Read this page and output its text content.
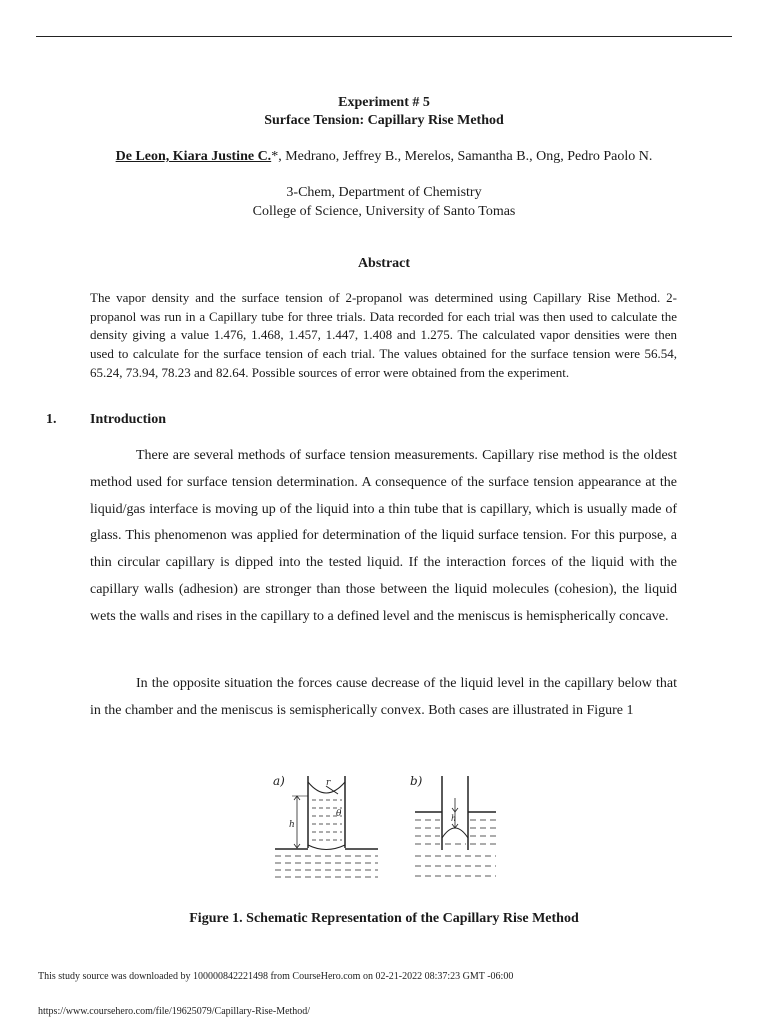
Experiment # 5
Surface Tension: Capillary Rise Method
De Leon, Kiara Justine C.*, Medrano, Jeffrey B., Merelos, Samantha B., Ong, Pedro Paolo N.
3-Chem, Department of Chemistry
College of Science, University of Santo Tomas
Abstract
The vapor density and the surface tension of 2-propanol was determined using Capillary Rise Method. 2-propanol was run in a Capillary tube for three trials. Data recorded for each trial was then used to calculate the density giving a value 1.476, 1.468, 1.457, 1.447, 1.408 and 1.275. The calculated vapor densities were then used to calculate for the surface tension of each trial. The values obtained for the surface tension were 56.54, 65.24, 73.94, 78.23 and 82.64. Possible sources of error were obtained from the experiment.
1. Introduction
There are several methods of surface tension measurements. Capillary rise method is the oldest method used for surface tension determination. A consequence of the surface tension appearance at the liquid/gas interface is moving up of the liquid into a thin tube that is capillary, which is usually made of glass. This phenomenon was applied for determination of the liquid surface tension. For this purpose, a thin circular capillary is dipped into the tested liquid. If the interaction forces of the liquid with the capillary walls (adhesion) are stronger than those between the liquid molecules (cohesion), the liquid wets the walls and rises in the capillary to a defined level and the meniscus is hemispherically concave.
In the opposite situation the forces cause decrease of the liquid level in the capillary below that in the chamber and the meniscus is semispherically convex. Both cases are illustrated in Figure 1
a)	r
θ
h
b)
h
Figure 1. Schematic Representation of the Capillary Rise Method
This study source was downloaded by 100000842221498 from CourseHero.com on 02-21-2022 08:37:23 GMT -06:00
https://www.coursehero.com/file/19625079/Capillary-Rise-Method/
